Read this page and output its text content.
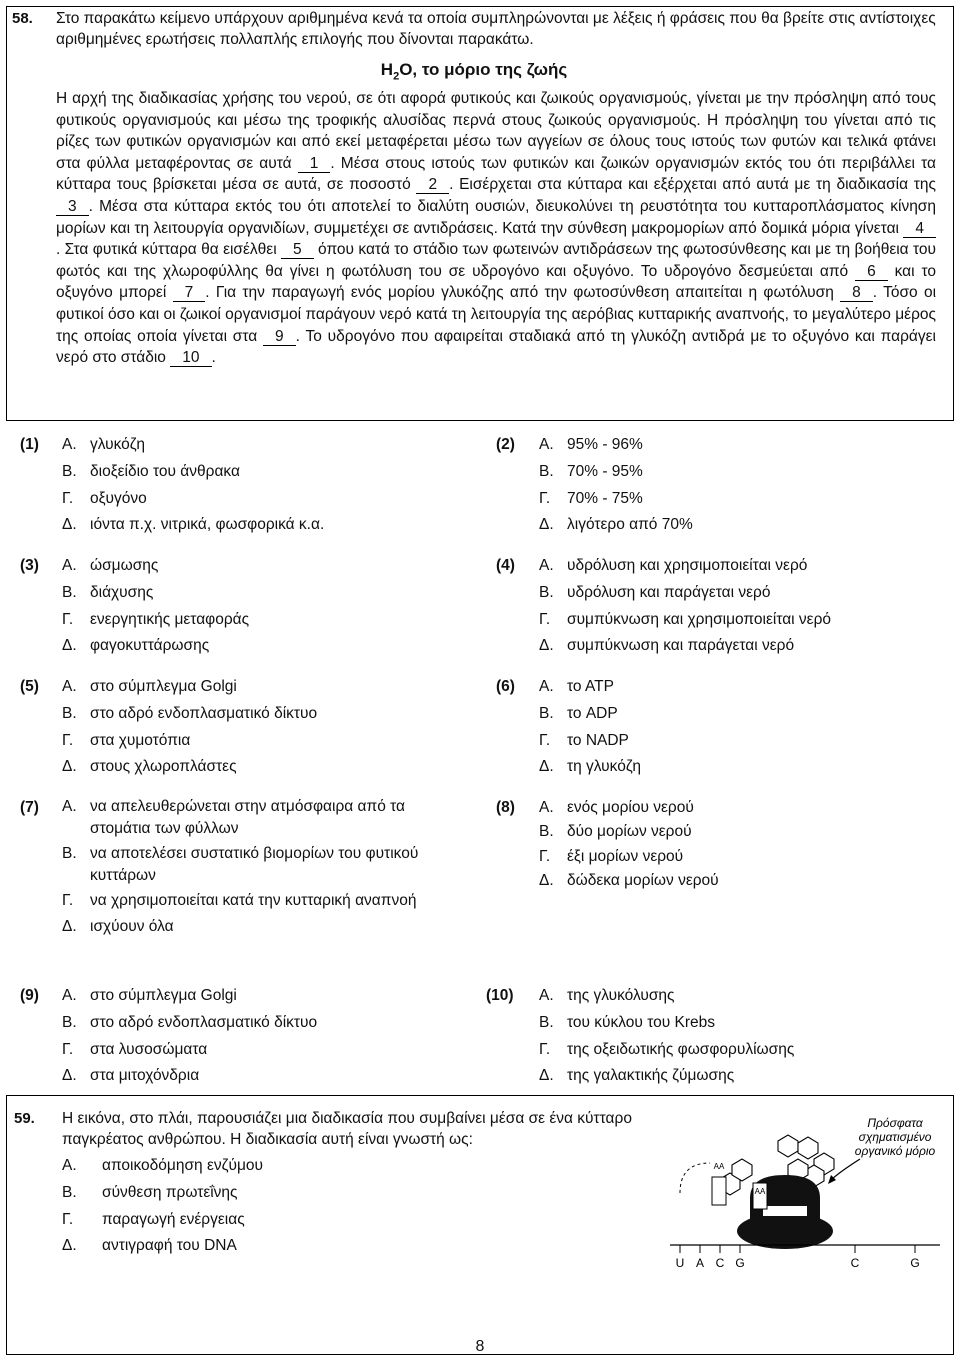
58. Στο παρακάτω κείμενο υπάρχουν αριθμημένα κενά τα οποία συμπληρώνονται με λέξεις ή φράσεις που θα βρείτε στις αντίστοιχες αριθμημένες ερωτήσεις πολλαπλής επιλογής που δίνονται παρακάτω.
$H_2O$, το μόριο της ζωής
Η αρχή της διαδικασίας χρήσης του νερού, σε ότι αφορά φυτικούς και ζωικούς οργανισμούς, γίνεται με την πρόσληψη από τους φυτικούς οργανισμούς και μέσω της τροφικής αλυσίδας περνά στους ζωικούς οργανισμούς. Η πρόσληψη του γίνεται από τις ρίζες των φυτικών οργανισμών και από εκεί μεταφέρεται μέσω των αγγείων σε όλους τους ιστούς των φυτών και τελικά φτάνει στα φύλλα μεταφέροντας σε αυτά 1 . Μέσα στους ιστούς των φυτικών και ζωικών οργανισμών εκτός του ότι περιβάλλει τα κύτταρα τους βρίσκεται μέσα σε αυτά, σε ποσοστό 2 . Εισέρχεται στα κύτταρα και εξέρχεται από αυτά με τη διαδικασία της 3 . Μέσα στα κύτταρα εκτός του ότι αποτελεί το διαλύτη ουσιών, διευκολύνει τη ρευστότητα του κυτταροπλάσματος κίνηση μορίων και τη λειτουργία οργανιδίων, συμμετέχει σε αντιδράσεις. Κατά την σύνθεση μακρομορίων από δομικά μόρια γίνεται 4. Στα φυτικά κύτταρα θα εισέλθει 5 όπου κατά το στάδιο των φωτεινών αντιδράσεων της φωτοσύνθεσης και με τη βοήθεια του φωτός και της χλωροφύλλης θα γίνει η φωτόλυση του σε υδρογόνο και οξυγόνο. Το υδρογόνο δεσμεύεται από 6 και το οξυγόνο μπορεί 7 . Για την παραγωγή ενός μορίου γλυκόζης από την φωτοσύνθεση απαιτείται η φωτόλυση 8 . Τόσο οι φυτικοί όσο και οι ζωικοί οργανισμοί παράγουν νερό κατά τη λειτουργία της αερόβιας κυτταρικής αναπνοής, το μεγαλύτερο μέρος της οποίας οποία γίνεται στα 9 . Το υδρογόνο που αφαιρείται σταδιακά από τη γλυκόζη αντιδρά με το οξυγόνο και παράγει νερό στο στάδιο 10 .
(1) Α. γλυκόζη
Β. διοξείδιο του άνθρακα
Γ.	οξυγόνο
Δ. ιόντα π.χ. νιτρικά, φωσφορικά κ.α.
(2) Α. 95% - 96%
Β. 70% - 95%
Γ.	70% - 75%
Δ. λιγότερο από 70%
(3) Α. ώσμωσης
Β. διάχυσης
Γ.	ενεργητικής μεταφοράς
Δ. φαγοκυττάρωσης
(4) Α. υδρόλυση και χρησιμοποιείται νερό
Β. υδρόλυση και παράγεται νερό
Γ.	συμπύκνωση και χρησιμοποιείται νερό
Δ. συμπύκνωση και παράγεται νερό
(5) Α. στο σύμπλεγμα Golgi
Β. στο αδρό ενδοπλασματικό δίκτυο
Γ.	στα χυμοτόπια
Δ. στους χλωροπλάστες
(6) Α. το ΑΤΡ
Β. το ADP
Γ.	το NADP
Δ. τη γλυκόζη
(7) Α. να απελευθερώνεται στην ατμόσφαιρα από τα στομάτια των φύλλων
Β. να αποτελέσει συστατικό βιομορίων του φυτικού κυττάρων
Γ.	να χρησιμοποιείται κατά την κυτταρική αναπνοή
Δ. ισχύουν όλα
(8) Α. ενός μορίου νερού
Β. δύο μορίων νερού
Γ.	έξι μορίων νερού
Δ. δώδεκα μορίων νερού
(9) Α. στο σύμπλεγμα Golgi
Β. στο αδρό ενδοπλασματικό δίκτυο
Γ.	στα λυσοσώματα
Δ. στα μιτοχόνδρια
(10) Α. της γλυκόλυσης
Β. του κύκλου του Krebs
Γ.	της οξειδωτικής φωσφορυλίωσης
Δ. της γαλακτικής ζύμωσης
59. Η εικόνα, στο πλάι, παρουσιάζει μια διαδικασία που συμβαίνει μέσα σε ένα κύτταρο παγκρέατος ανθρώπου. Η διαδικασία αυτή είναι γνωστή ως:
Α.	αποικοδόμηση ενζύμου
Β.	σύνθεση πρωτεΐνης
Γ.	παραγωγή ενέργειας
Δ.	αντιγραφή του DNA
Πρόσφατα
σχηματισμένο
οργανικό μόριο
AA
AA
U A C G	C	G
8
